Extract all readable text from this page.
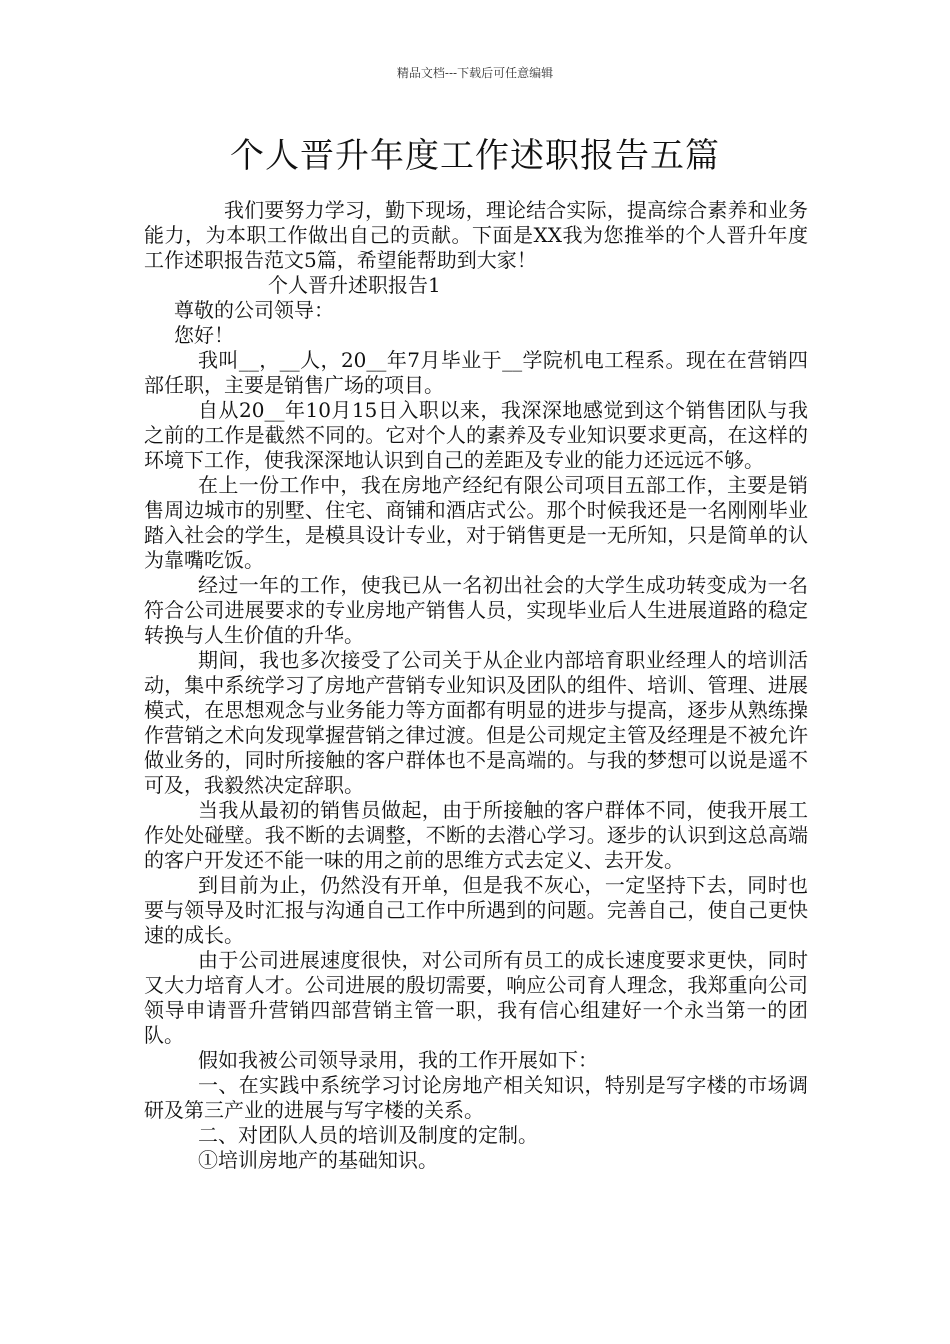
精品文档---下载后可任意编辑
个人晋升年度工作述职报告五篇

我们要努力学习，勤下现场，理论结合实际，提高综合素养和业务能力，为本职工作做出自己的贡献。下面是XX我为您推举的个人晋升年度工作述职报告范文5篇，希望能帮助到大家！

个人晋升述职报告1

尊敬的公司领导：

您好！

我叫__，__人，20__年7月毕业于__学院机电工程系。现在在营销四部任职，主要是销售广场的项目。

自从20__年10月15日入职以来，我深深地感觉到这个销售团队与我之前的工作是截然不同的。它对个人的素养及专业知识要求更高，在这样的环境下工作，使我深深地认识到自己的差距及专业的能力还远远不够。

在上一份工作中，我在房地产经纪有限公司项目五部工作，主要是销售周边城市的别墅、住宅、商铺和酒店式公。那个时候我还是一名刚刚毕业踏入社会的学生，是模具设计专业，对于销售更是一无所知，只是简单的认为靠嘴吃饭。

经过一年的工作，使我已从一名初出社会的大学生成功转变成为一名符合公司进展要求的专业房地产销售人员，实现毕业后人生进展道路的稳定转换与人生价值的升华。

期间，我也多次接受了公司关于从企业内部培育职业经理人的培训活动，集中系统学习了房地产营销专业知识及团队的组件、培训、管理、进展模式，在思想观念与业务能力等方面都有明显的进步与提高，逐步从熟练操作营销之术向发现掌握营销之律过渡。但是公司规定主管及经理是不被允许做业务的，同时所接触的客户群体也不是高端的。与我的梦想可以说是遥不可及，我毅然决定辞职。

当我从最初的销售员做起，由于所接触的客户群体不同，使我开展工作处处碰壁。我不断的去调整，不断的去潜心学习。逐步的认识到这总高端的客户开发还不能一味的用之前的思维方式去定义、去开发。

到目前为止，仍然没有开单，但是我不灰心，一定坚持下去，同时也要与领导及时汇报与沟通自己工作中所遇到的问题。完善自己，使自己更快速的成长。

由于公司进展速度很快，对公司所有员工的成长速度要求更快，同时又大力培育人才。公司进展的殷切需要，响应公司育人理念，我郑重向公司领导申请晋升营销四部营销主管一职，我有信心组建好一个永当第一的团队。

假如我被公司领导录用，我的工作开展如下：

一、在实践中系统学习讨论房地产相关知识，特别是写字楼的市场调研及第三产业的进展与写字楼的关系。

二、对团队人员的培训及制度的定制。

①培训房地产的基础知识。
